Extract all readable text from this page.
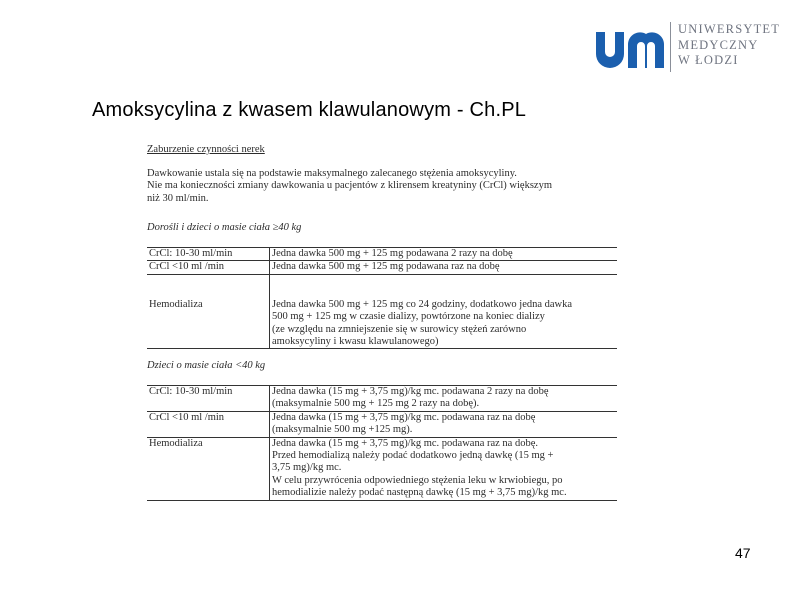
UNIWERSYTET
MEDYCZNY
W ŁODZI
Amoksycylina z kwasem klawulanowym - Ch.PL

Zaburzenie czynności nerek

Dawkowanie ustala się na podstawie maksymalnego zalecanego stężenia amoksycyliny.

Nie ma konieczności zmiany dawkowania u pacjentów z klirensem kreatyniny (CrCl) większym

niż 30 ml/min.

Dorośli i dzieci o masie ciała ≥40 kg

CrCl: 10-30 ml/min	Jedna dawka 500 mg + 125 mg podawana 2 razy na dobę

CrCl <10 ml /min	Jedna dawka 500 mg + 125 mg podawana raz na dobę

Hemodializa	Jedna dawka 500 mg + 125 mg co 24 godziny, dodatkowo jedna dawka
500 mg + 125 mg w czasie dializy, powtórzone na koniec dializy
(ze względu na zmniejszenie się w surowicy stężeń zarówno
amoksycyliny i kwasu klawulanowego)

Dzieci o masie ciała <40 kg

CrCl: 10-30 ml/min	Jedna dawka (15 mg + 3,75 mg)/kg mc. podawana 2 razy na dobę
(maksymalnie 500 mg + 125 mg 2 razy na dobę).

CrCl <10 ml /min	Jedna dawka (15 mg + 3,75 mg)/kg mc. podawana raz na dobę
(maksymalnie 500 mg +125 mg).

Hemodializa	Jedna dawka (15 mg + 3,75 mg)/kg mc. podawana raz na dobę.
Przed hemodializą należy podać dodatkowo jedną dawkę (15 mg +
3,75 mg)/kg mc.
W celu przywrócenia odpowiedniego stężenia leku w krwiobiegu, po
hemodializie należy podać następną dawkę (15 mg + 3,75 mg)/kg mc.
47
